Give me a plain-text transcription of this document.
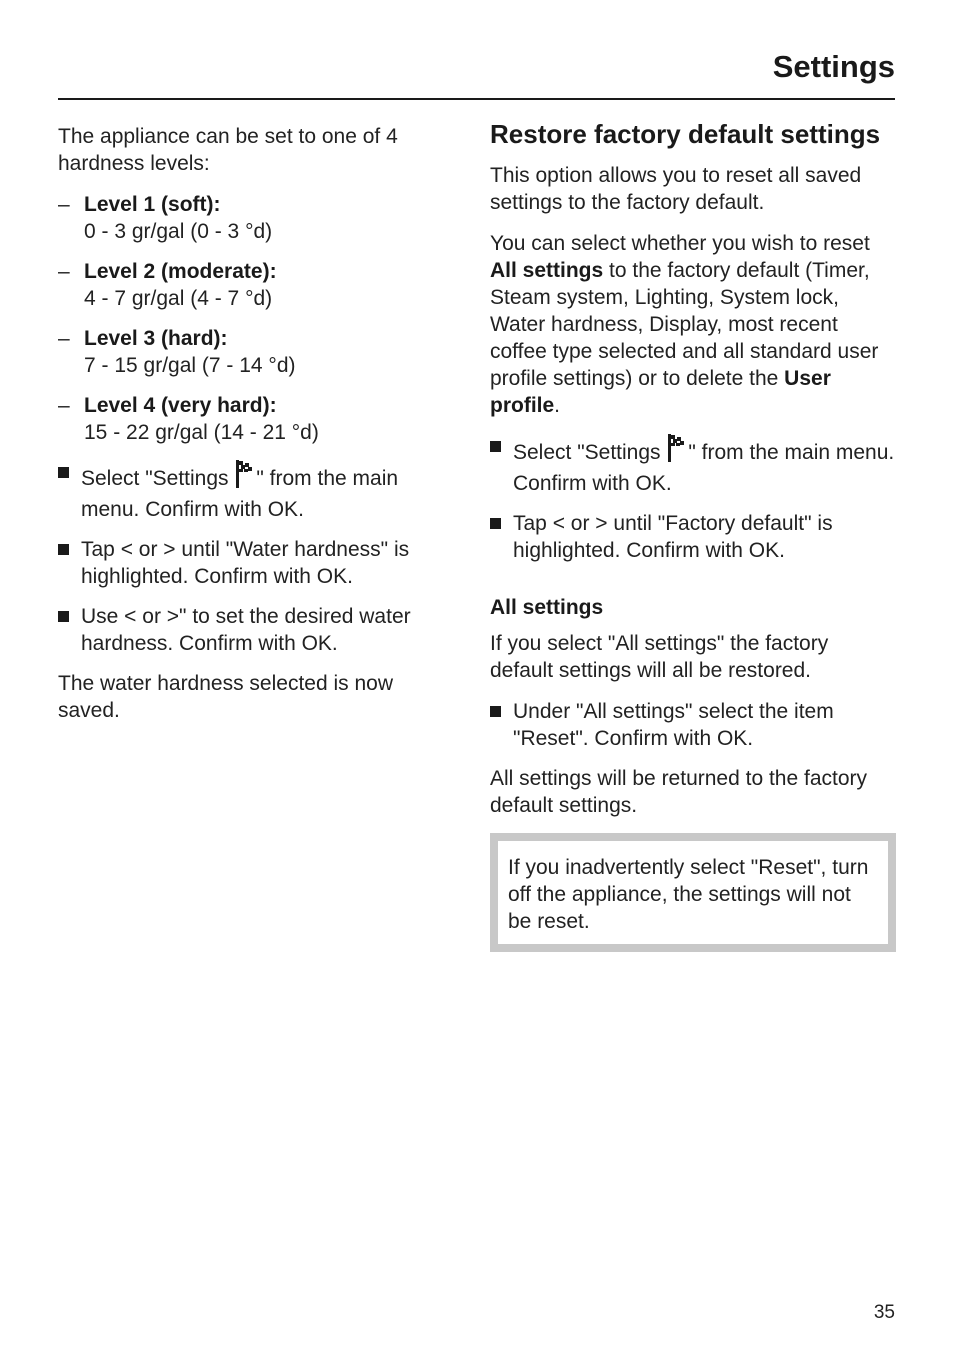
Settings

The appliance can be set to one of 4 hardness levels:

– Level 1 (soft):
0 - 3 gr/gal (0 - 3 °d)
– Level 2 (moderate):
4 - 7 gr/gal (4 - 7 °d)
– Level 3 (hard):
7 - 15 gr/gal (7 - 14 °d)
– Level 4 (very hard):
15 - 22 gr/gal (14 - 21 °d)
Select "Settings " from the main menu. Confirm with OK.
Tap < or > until "Water hardness" is highlighted. Confirm with OK.
Use < or >" to set the desired water hardness. Confirm with OK.

The water hardness selected is now saved.

Restore factory default settings

This option allows you to reset all saved settings to the factory default.

You can select whether you wish to reset All settings to the factory default (Timer, Steam system, Lighting, System lock, Water hardness, Display, most recent coffee type selected and all standard user profile settings) or to delete the User profile.

Select "Settings " from the main menu. Confirm with OK.
Tap < or > until "Factory default" is highlighted. Confirm with OK.
All settings

If you select "All settings" the factory default settings will all be restored.

Under "All settings" select the item "Reset". Confirm with OK.

All settings will be returned to the factory default settings.

If you inadvertently select "Reset", turn off the appliance, the settings will not be reset.

35
